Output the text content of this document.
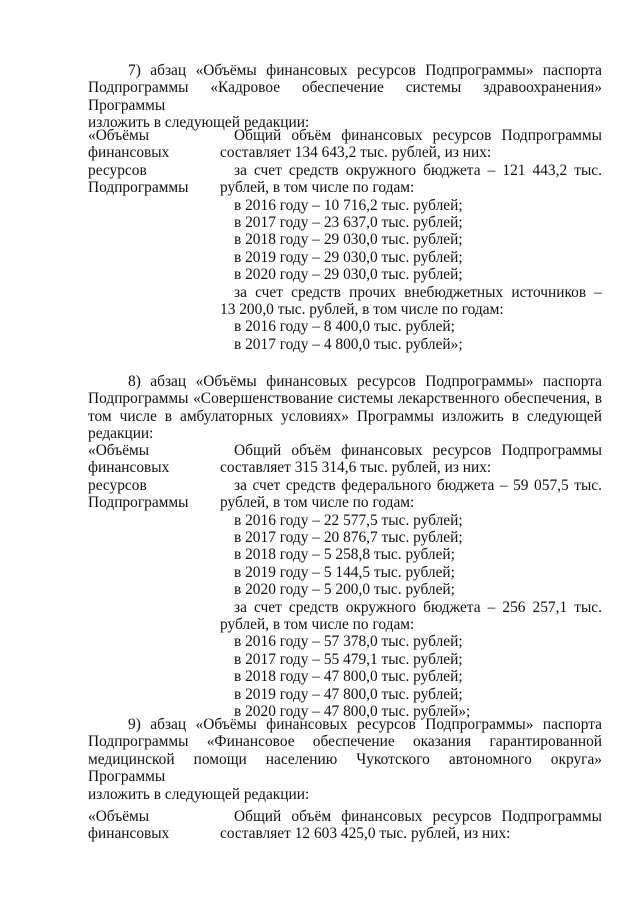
7) абзац «Объёмы финансовых ресурсов Подпрограммы» паспорта
Подпрограммы «Кадровое обеспечение системы здравоохранения» Программы
изложить в следующей редакции:
«Объёмы
финансовых
ресурсов
Подпрограммы
Общий объём финансовых ресурсов Подпрограммы
составляет 134 643,2 тыс. рублей, из них:
за счет средств окружного бюджета – 121 443,2 тыс.
рублей, в том числе по годам:
в 2016 году – 10 716,2 тыс. рублей;
в 2017 году – 23 637,0 тыс. рублей;
в 2018 году – 29 030,0 тыс. рублей;
в 2019 году – 29 030,0 тыс. рублей;
в 2020 году – 29 030,0 тыс. рублей;
за счет средств прочих внебюджетных источников –
13 200,0 тыс. рублей, в том числе по годам:
в 2016 году – 8 400,0 тыс. рублей;
в 2017 году – 4 800,0 тыс. рублей»;
8) абзац «Объёмы финансовых ресурсов Подпрограммы» паспорта
Подпрограммы «Совершенствование системы лекарственного обеспечения, в
том числе в амбулаторных условиях» Программы изложить в следующей
редакции:
«Объёмы
финансовых
ресурсов
Подпрограммы
Общий объём финансовых ресурсов Подпрограммы
составляет 315 314,6 тыс. рублей, из них:
за счет средств федерального бюджета – 59 057,5 тыс.
рублей, в том числе по годам:
в 2016 году – 22 577,5 тыс. рублей;
в 2017 году – 20 876,7 тыс. рублей;
в 2018 году – 5 258,8 тыс. рублей;
в 2019 году – 5 144,5 тыс. рублей;
в 2020 году – 5 200,0 тыс. рублей;
за счет средств окружного бюджета – 256 257,1 тыс.
рублей, в том числе по годам:
в 2016 году – 57 378,0 тыс. рублей;
в 2017 году – 55 479,1 тыс. рублей;
в 2018 году – 47 800,0 тыс. рублей;
в 2019 году – 47 800,0 тыс. рублей;
в 2020 году – 47 800,0 тыс. рублей»;
9) абзац «Объёмы финансовых ресурсов Подпрограммы» паспорта
Подпрограммы «Финансовое обеспечение оказания гарантированной
медицинской помощи населению Чукотского автономного округа» Программы
изложить в следующей редакции:
«Объёмы
финансовых
Общий объём финансовых ресурсов Подпрограммы
составляет 12 603 425,0 тыс. рублей, из них:
